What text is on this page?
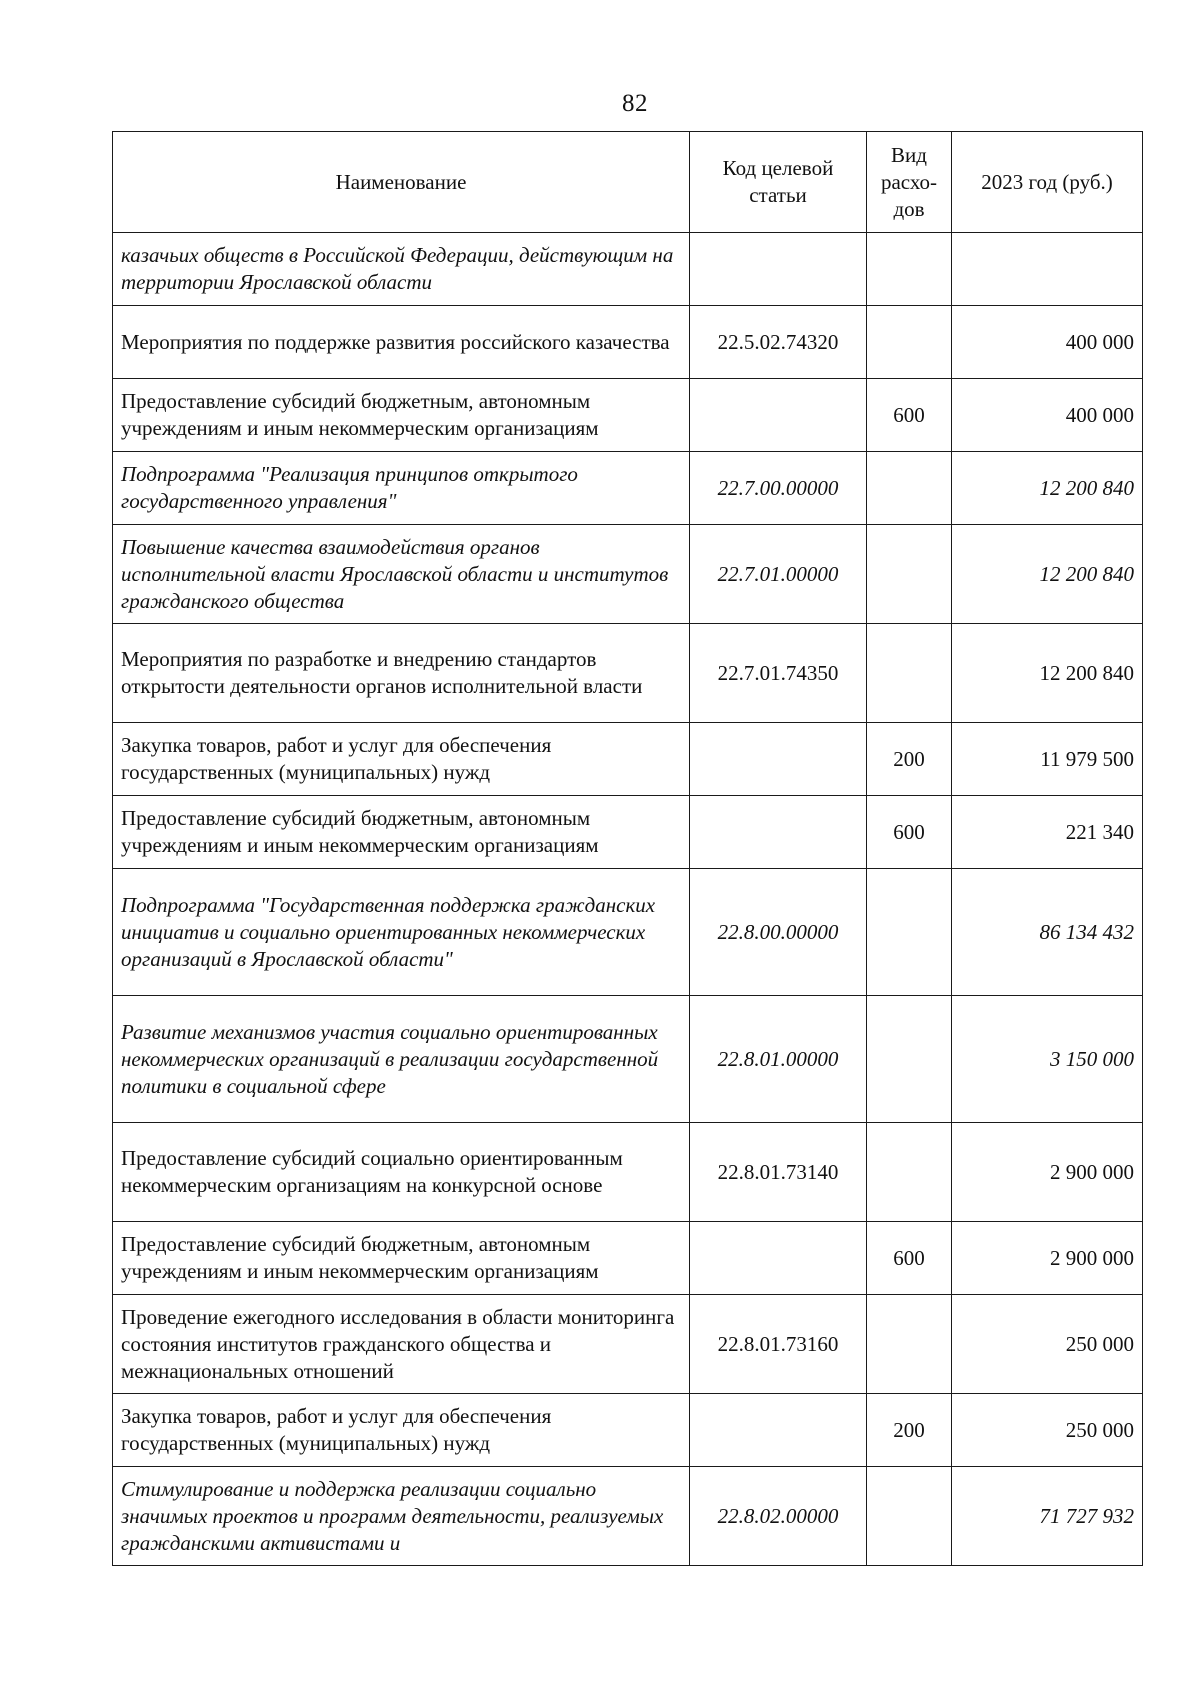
82
Наименование	Код целевой статьи	Вид расхо-дов	2023 год (руб.)
казачьих обществ в Российской Федерации, действующим на территории Ярославской области			
Мероприятия по поддержке развития российского казачества	22.5.02.74320		400 000
Предоставление субсидий бюджетным, автономным учреждениям и иным некоммерческим организациям		600	400 000
Подпрограмма "Реализация принципов открытого государственного управления"	22.7.00.00000		12 200 840
Повышение качества взаимодействия органов исполнительной власти Ярославской области и институтов гражданского общества	22.7.01.00000		12 200 840
Мероприятия по разработке и внедрению стандартов открытости деятельности органов исполнительной власти	22.7.01.74350		12 200 840
Закупка товаров, работ и услуг для обеспечения государственных (муниципальных) нужд		200	11 979 500
Предоставление субсидий бюджетным, автономным учреждениям и иным некоммерческим организациям		600	221 340
Подпрограмма "Государственная поддержка гражданских инициатив и социально ориентированных некоммерческих организаций в Ярославской области"	22.8.00.00000		86 134 432
Развитие механизмов участия социально ориентированных некоммерческих организаций в реализации государственной политики в социальной сфере	22.8.01.00000		3 150 000
Предоставление субсидий социально ориентированным некоммерческим организациям на конкурсной основе	22.8.01.73140		2 900 000
Предоставление субсидий бюджетным, автономным учреждениям и иным некоммерческим организациям		600	2 900 000
Проведение ежегодного исследования в области мониторинга состояния институтов гражданского общества и межнациональных отношений	22.8.01.73160		250 000
Закупка товаров, работ и услуг для обеспечения государственных (муниципальных) нужд		200	250 000
Стимулирование и поддержка реализации социально значимых проектов и программ деятельности, реализуемых гражданскими активистами и	22.8.02.00000		71 727 932
